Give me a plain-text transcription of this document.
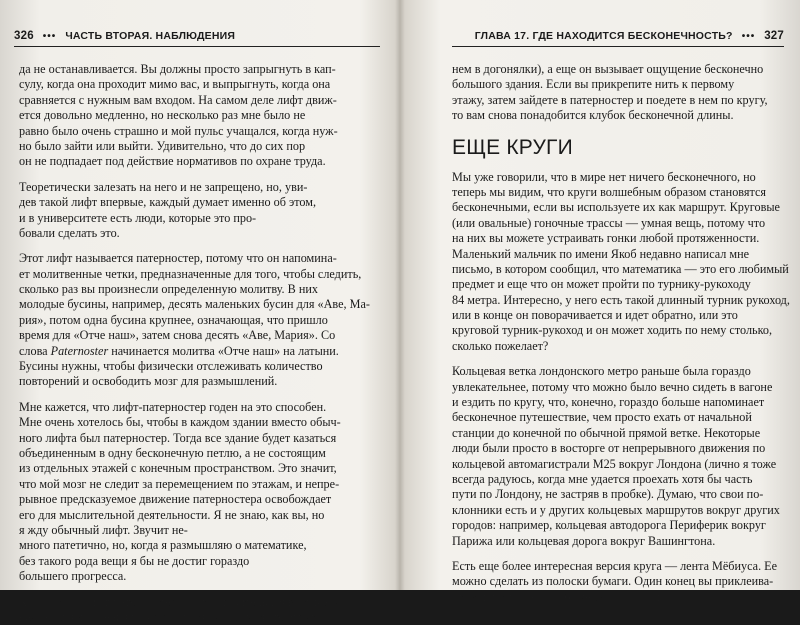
326 ••• ЧАСТЬ ВТОРАЯ. НАБЛЮДЕНИЯ
да не останавливается. Вы должны просто запрыгнуть в кап-
сулу, когда она проходит мимо вас, и выпрыгнуть, когда она
сравняется с нужным вам входом. На самом деле лифт движ-
ется довольно медленно, но несколько раз мне было не
равно было очень страшно и мой пульс учащался, когда нуж-
но было зайти или выйти. Удивительно, что до сих пор
он не подпадает под действие нормативов по охране труда.
Теоретически залезать на него и не запрещено, но, уви-
дев такой лифт впервые, каждый думает именно об этом,
и в университете есть люди, которые это про-
бовали сделать это.
Этот лифт называется патерностер, потому что он напомина-
ет молитвенные четки, предназначенные для того, чтобы следить,
сколько раз вы произнесли определенную молитву. В них
молодые бусины, например, десять маленьких бусин для «Аве, Ма-
рия», потом одна бусина крупнее, означающая, что пришло
время для «Отче наш», затем снова десять «Аве, Мария». Со
слова Paternoster начинается молитва «Отче наш» на латыни.
Бусины нужны, чтобы физически отслеживать количество
повторений и освободить мозг для размышлений.
Мне кажется, что лифт-патерностер годен на это способен.
Мне очень хотелось бы, чтобы в каждом здании вместо обыч-
ного лифта был патерностер. Тогда все здание будет казаться
объединенным в одну бесконечную петлю, а не состоящим
из отдельных этажей с конечным пространством. Это значит,
что мой мозг не следит за перемещением по этажам, и непре-
рывное предсказуемое движение патерностера освобождает
его для мыслительной деятельности. Я не знаю, как вы, но
я жду обычный лифт. Звучит не-
много патетично, но, когда я размышляю о математике,
без такого рода вещи я бы не достиг гораздо
большего прогресса.
Кроме того, лифт-патерностер — это удивительная вертикаль-
ная версия движения по кругу (хотя вы не сможете играть на
ГЛАВА 17. ГДЕ НАХОДИТСЯ БЕСКОНЕЧНОСТЬ? ••• 327
нем в догонялки), а еще он вызывает ощущение бесконечно
большого здания. Если вы прикрепите нить к первому
этажу, затем зайдете в патерностер и поедете в нем по кругу,
то вам снова понадобится клубок бесконечной длины.
ЕЩЕ КРУГИ
Мы уже говорили, что в мире нет ничего бесконечного, но
теперь мы видим, что круги волшебным образом становятся
бесконечными, если вы используете их как маршрут. Круговые
(или овальные) гоночные трассы — умная вещь, потому что
на них вы можете устраивать гонки любой протяженности.
Маленький мальчик по имени Якоб недавно написал мне
письмо, в котором сообщил, что математика — это его любимый
предмет и еще что он может пройти по турнику-рукоходу
84 метра. Интересно, у него есть такой длинный турник рукоход,
или в конце он поворачивается и идет обратно, или это
круговой турник-рукоход и он может ходить по нему столько,
сколько пожелает?
Кольцевая ветка лондонского метро раньше была гораздо
увлекательнее, потому что можно было вечно сидеть в вагоне
и ездить по кругу, что, конечно, гораздо больше напоминает
бесконечное путешествие, чем просто ехать от начальной
станции до конечной по обычной прямой ветке. Некоторые
люди были просто в восторге от непрерывного движения по
кольцевой автомагистрали M25 вокруг Лондона (лично я тоже
всегда радуюсь, когда мне удается проехать хотя бы часть
пути по Лондону, не застряв в пробке). Думаю, что свои по-
клонники есть и у других кольцевых маршрутов вокруг других
городов: например, кольцевая автодорога Периферик вокруг
Парижа или кольцевая дорога вокруг Вашингтона.
Есть еще более интересная версия круга — лента Мёбиуса. Ее
можно сделать из полоски бумаги. Один конец вы приклеива-
ете к другому, но не обычным способом:
